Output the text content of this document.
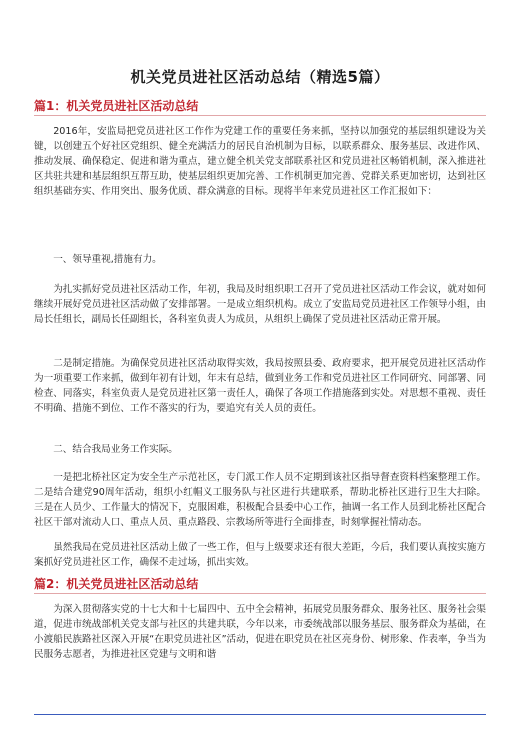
机关党员进社区活动总结（精选5篇）
篇1：机关党员进社区活动总结
2016年，安监局把党员进社区工作作为党建工作的重要任务来抓，坚持以加强党的基层组织建设为关键，以创建五个好社区党组织、健全充满活力的居民自治机制为目标，以联系群众、服务基层、改进作风、推动发展、确保稳定、促进和谐为重点，建立健全机关党支部联系社区和党员进社区畅销机制，深入推进社区共驻共建和基层组织互帮互助，使基层组织更加完善、工作机制更加完善、党群关系更加密切，达到社区组织基础夯实、作用突出、服务优质、群众满意的目标。现将半年来党员进社区工作汇报如下：
一、领导重视,措施有力。
为扎实抓好党员进社区活动工作，年初，我局及时组织职工召开了党员进社区活动工作会议，就对如何继续开展好党员进社区活动做了安排部署。一是成立组织机构。成立了安监局党员进社区工作领导小组，由局长任组长，副局长任副组长，各科室负责人为成员，从组织上确保了党员进社区活动正常开展。
二是制定措施。为确保党员进社区活动取得实效，我局按照县委、政府要求，把开展党员进社区活动作为一项重要工作来抓，做到年初有计划，年末有总结，做到业务工作和党员进社区工作同研究、同部署、同检查、同落实，科室负责人是党员进社区第一责任人，确保了各项工作措施落到实处。对思想不重视、责任不明确、措施不到位、工作不落实的行为，要追究有关人员的责任。
二、结合我局业务工作实际。
一是把北桥社区定为安全生产示范社区，专门派工作人员不定期到该社区指导督查资料档案整理工作。二是结合建党90周年活动，组织小红帽义工服务队与社区进行共建联系，帮助北桥社区进行卫生大扫除。三是在人员少、工作量大的情况下，克服困难，积极配合县委中心工作，抽调一名工作人员到北桥社区配合社区干部对流动人口、重点人员、重点路段、宗教场所等进行全面排查，时刻掌握社情动态。
虽然我局在党员进社区活动上做了一些工作，但与上级要求还有很大差距，今后，我们要认真按实施方案抓好党员进社区工作，确保不走过场，抓出实效。
篇2：机关党员进社区活动总结
为深入贯彻落实党的十七大和十七届四中、五中全会精神，拓展党员服务群众、服务社区、服务社会渠道，促进市统战部机关党支部与社区的共建共联，今年以来，市委统战部以服务基层、服务群众为基础，在小渡船民族路社区深入开展“在职党员进社区”活动，促进在职党员在社区亮身份、树形象、作表率，争当为民服务志愿者，为推进社区党建与文明和谐
